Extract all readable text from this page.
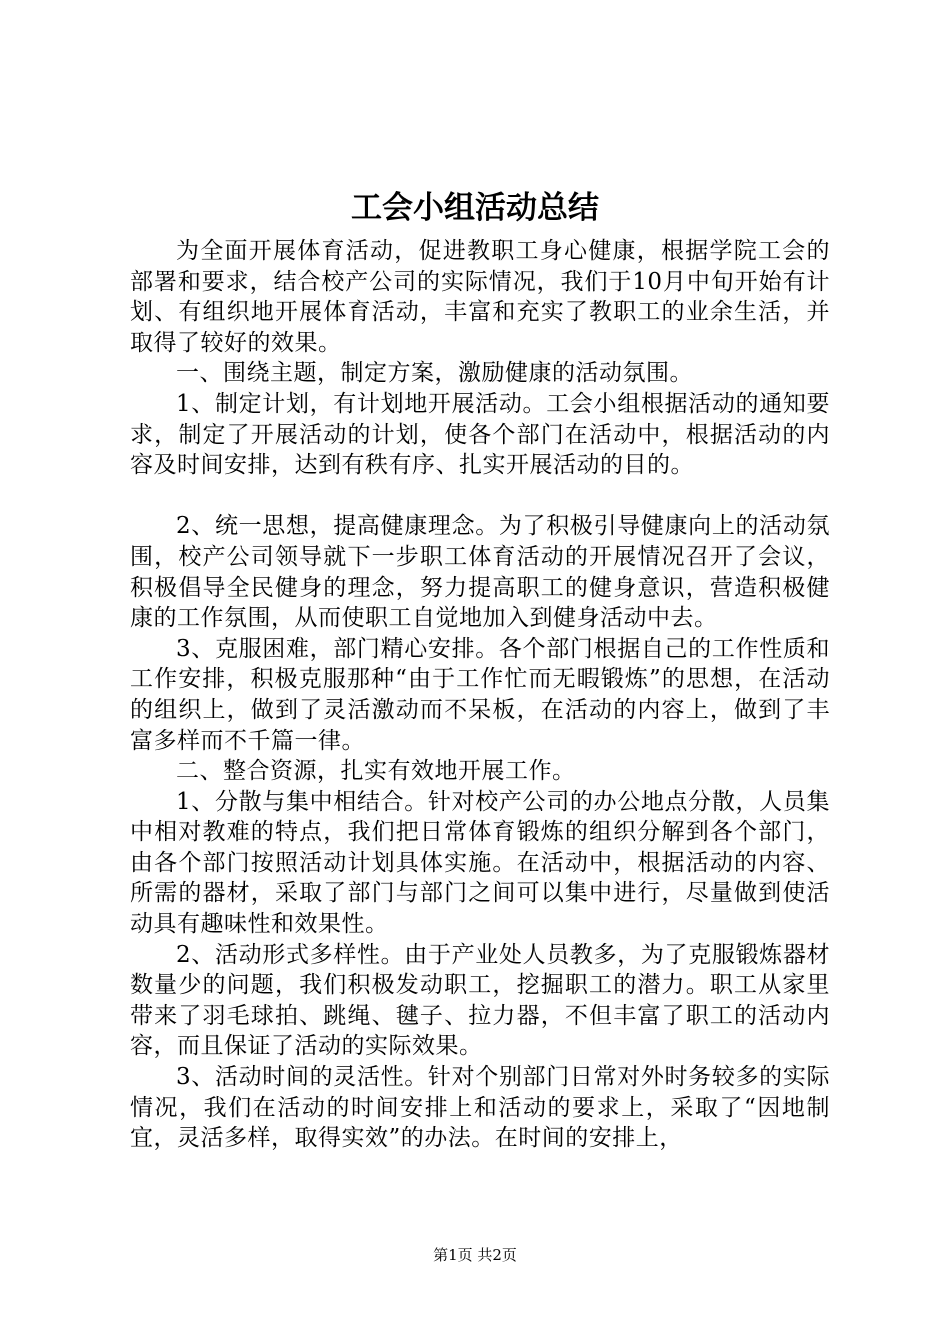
工会小组活动总结

为全面开展体育活动，促进教职工身心健康，根据学院工会的部署和要求，结合校产公司的实际情况，我们于10月中旬开始有计划、有组织地开展体育活动，丰富和充实了教职工的业余生活，并取得了较好的效果。

一、围绕主题，制定方案，激励健康的活动氛围。

1、制定计划，有计划地开展活动。工会小组根据活动的通知要求，制定了开展活动的计划，使各个部门在活动中，根据活动的内容及时间安排，达到有秩有序、扎实开展活动的目的。

2、统一思想，提高健康理念。为了积极引导健康向上的活动氛围，校产公司领导就下一步职工体育活动的开展情况召开了会议，积极倡导全民健身的理念，努力提高职工的健身意识，营造积极健康的工作氛围，从而使职工自觉地加入到健身活动中去。

3、克服困难，部门精心安排。各个部门根据自己的工作性质和工作安排，积极克服那种“由于工作忙而无暇锻炼”的思想，在活动的组织上，做到了灵活激动而不呆板，在活动的内容上，做到了丰富多样而不千篇一律。

二、整合资源，扎实有效地开展工作。

1、分散与集中相结合。针对校产公司的办公地点分散，人员集中相对教难的特点，我们把日常体育锻炼的组织分解到各个部门，由各个部门按照活动计划具体实施。在活动中，根据活动的内容、所需的器材，采取了部门与部门之间可以集中进行，尽量做到使活动具有趣味性和效果性。

2、活动形式多样性。由于产业处人员教多，为了克服锻炼器材数量少的问题，我们积极发动职工，挖掘职工的潜力。职工从家里带来了羽毛球拍、跳绳、毽子、拉力器，不但丰富了职工的活动内容，而且保证了活动的实际效果。

3、活动时间的灵活性。针对个别部门日常对外时务较多的实际情况，我们在活动的时间安排上和活动的要求上，采取了“因地制宜，灵活多样，取得实效”的办法。在时间的安排上，

第1页 共2页
